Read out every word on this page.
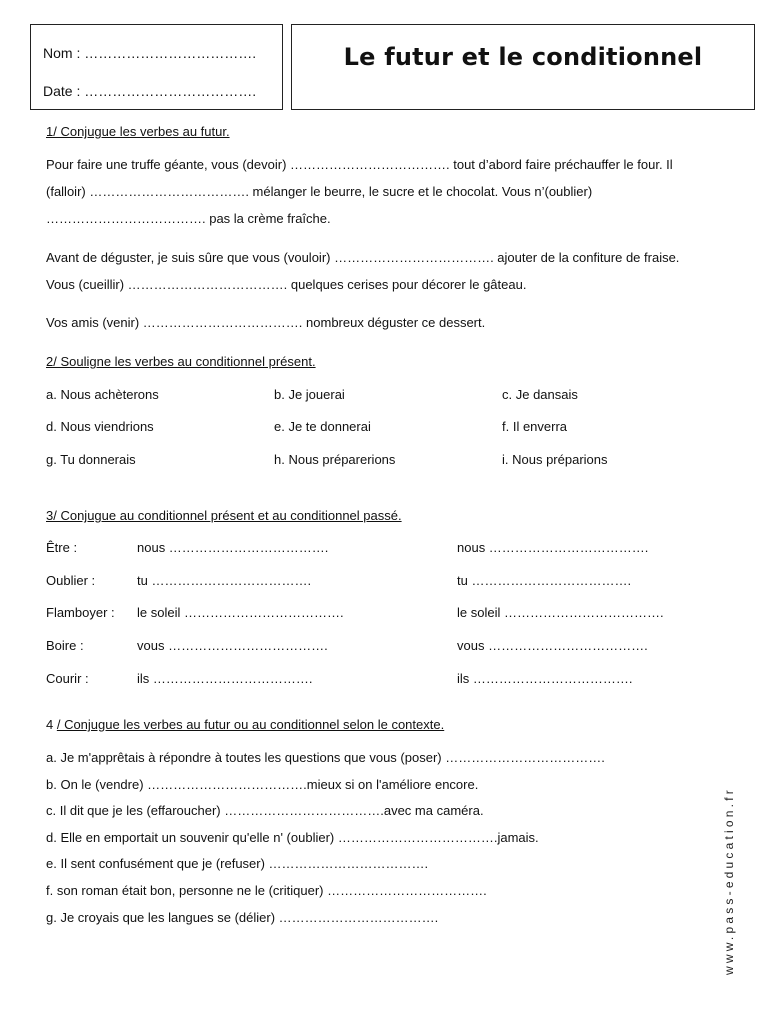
Nom : ……………………………….
Date : ……………………………….
Le futur et le conditionnel
1/ Conjugue les verbes au futur.
Pour faire une truffe géante, vous (devoir) ………………………………. tout d’abord faire préchauffer le four. Il
(falloir) ………………………………. mélanger le beurre, le sucre et le chocolat. Vous n’(oublier)
………………………………. pas la crème fraîche.
Avant de déguster, je suis sûre que vous (vouloir) ………………………………. ajouter de la confiture de fraise.
Vous (cueillir) ………………………………. quelques cerises pour décorer le gâteau.
Vos amis (venir) ………………………………. nombreux déguster ce dessert.
2/ Souligne les verbes au conditionnel présent.
a. Nous achèterons	b. Je jouerai	c. Je dansais
d. Nous viendrions	e. Je te donnerai	f. Il enverra
g. Tu donnerais	h. Nous préparerions	i. Nous préparions
3/ Conjugue au conditionnel présent et au conditionnel passé.
Être :	nous ……………………………….	nous ……………………………….
Oublier :	tu ……………………………….	tu ……………………………….
Flamboyer : le soleil ……………………………….	le soleil ……………………………….
Boire :	vous ……………………………….	vous ……………………………….
Courir :	ils ……………………………….	ils ……………………………….
4 / Conjugue les verbes au futur ou au conditionnel selon le contexte.
a. Je m'apprêtais à répondre à toutes les questions que vous (poser) ……………………………….
b. On le (vendre) ……………………………….mieux si on l'améliore encore.
c. Il dit que je les (effaroucher) ……………………………….avec ma caméra.
d. Elle en emportait un souvenir qu'elle n' (oublier) ……………………………….jamais.
e. Il sent confusément que je (refuser) ……………………………….
f. son roman était bon, personne ne le (critiquer) ……………………………….
g. Je croyais que les langues se (délier) ……………………………….	www.pass-education.fr
